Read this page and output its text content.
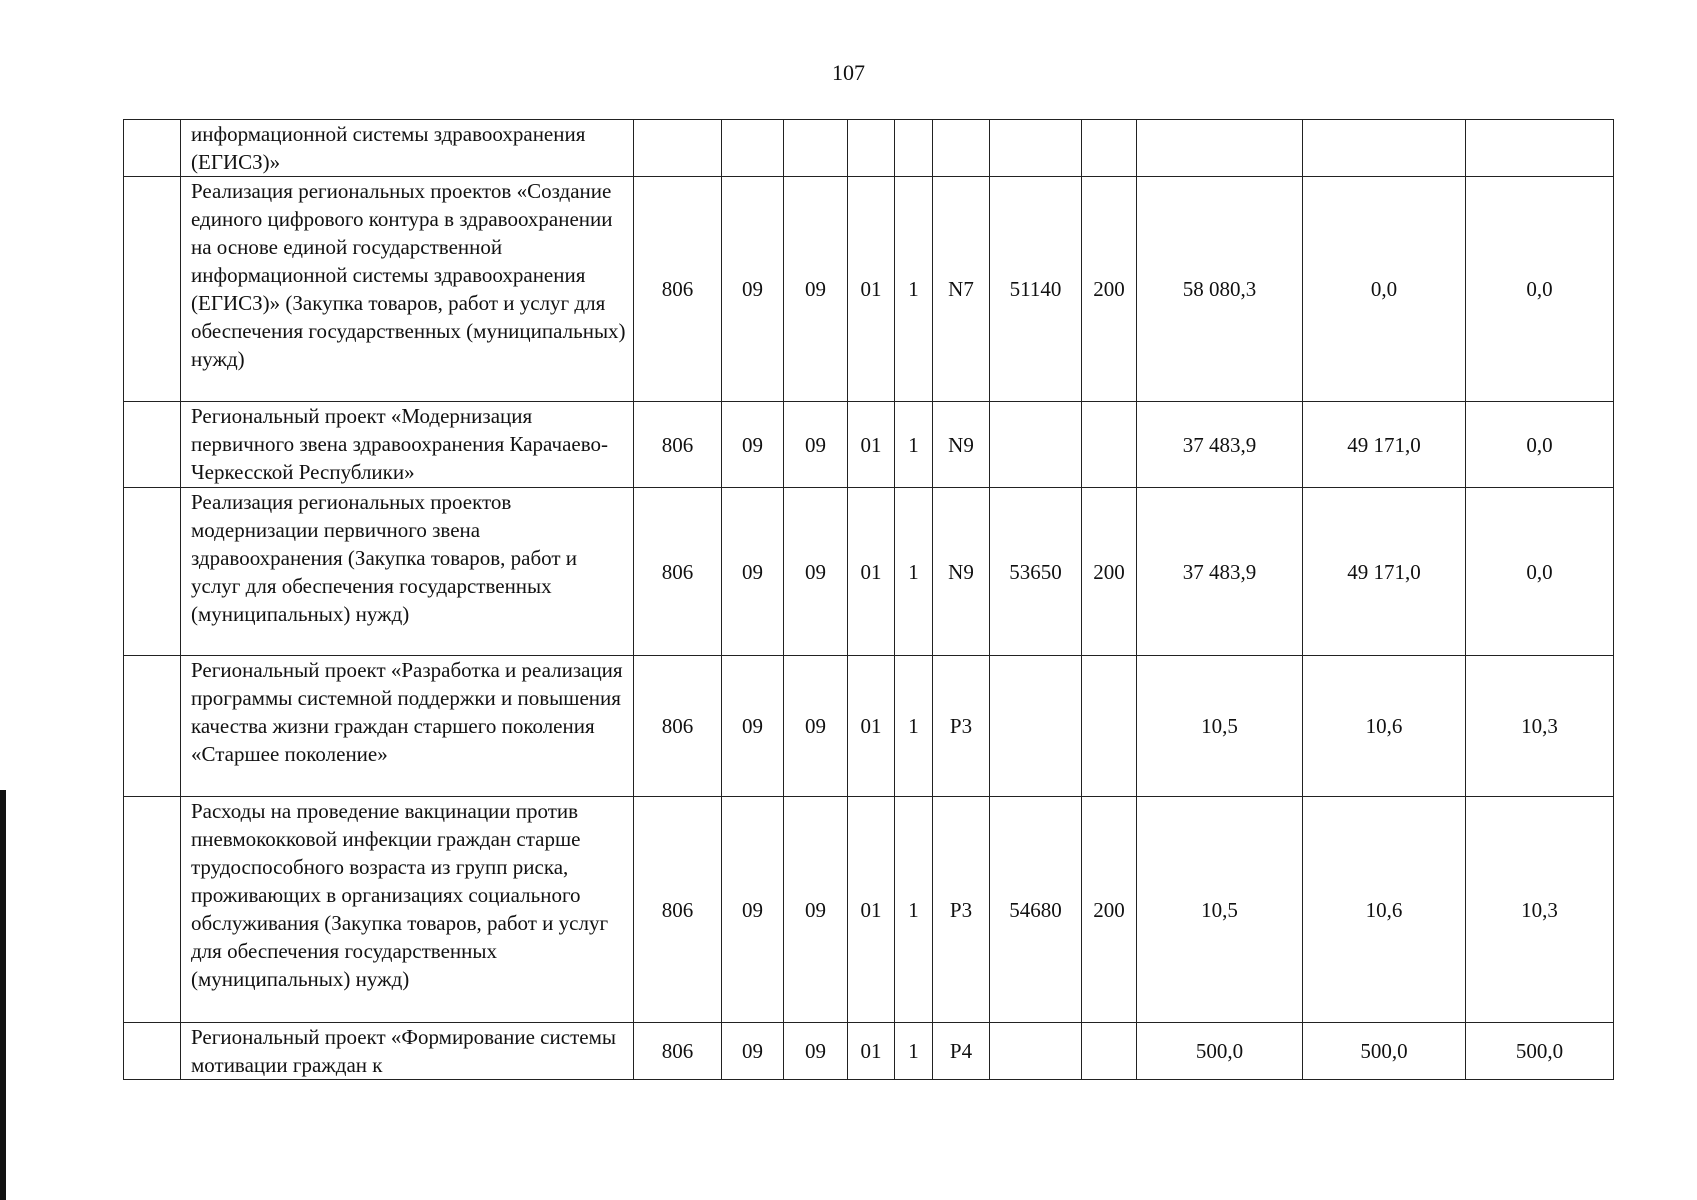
107
	информационной системы здравоохранения (ЕГИСЗ)»											
	Реализация региональных проектов «Создание единого цифрового контура в здравоохранении на основе единой государственной информационной системы здравоохранения (ЕГИСЗ)» (Закупка товаров, работ и услуг для обеспечения государственных (муниципальных) нужд)	806	09	09	01	1	N7	51140	200	58 080,3	0,0	0,0
	Региональный проект «Модернизация первичного звена здравоохранения Карачаево-Черкесской Республики»	806	09	09	01	1	N9			37 483,9	49 171,0	0,0
	Реализация региональных проектов модернизации первичного звена здравоохранения (Закупка товаров, работ и услуг для обеспечения государственных (муниципальных) нужд)	806	09	09	01	1	N9	53650	200	37 483,9	49 171,0	0,0
	Региональный проект «Разработка и реализация программы системной поддержки и повышения качества жизни граждан старшего поколения «Старшее поколение»	806	09	09	01	1	P3			10,5	10,6	10,3
	Расходы на проведение вакцинации против пневмококковой инфекции граждан старше трудоспособного возраста из групп риска, проживающих в организациях социального обслуживания (Закупка товаров, работ и услуг для обеспечения государственных (муниципальных) нужд)	806	09	09	01	1	P3	54680	200	10,5	10,6	10,3
	Региональный проект «Формирование системы мотивации граждан к	806	09	09	01	1	P4			500,0	500,0	500,0
